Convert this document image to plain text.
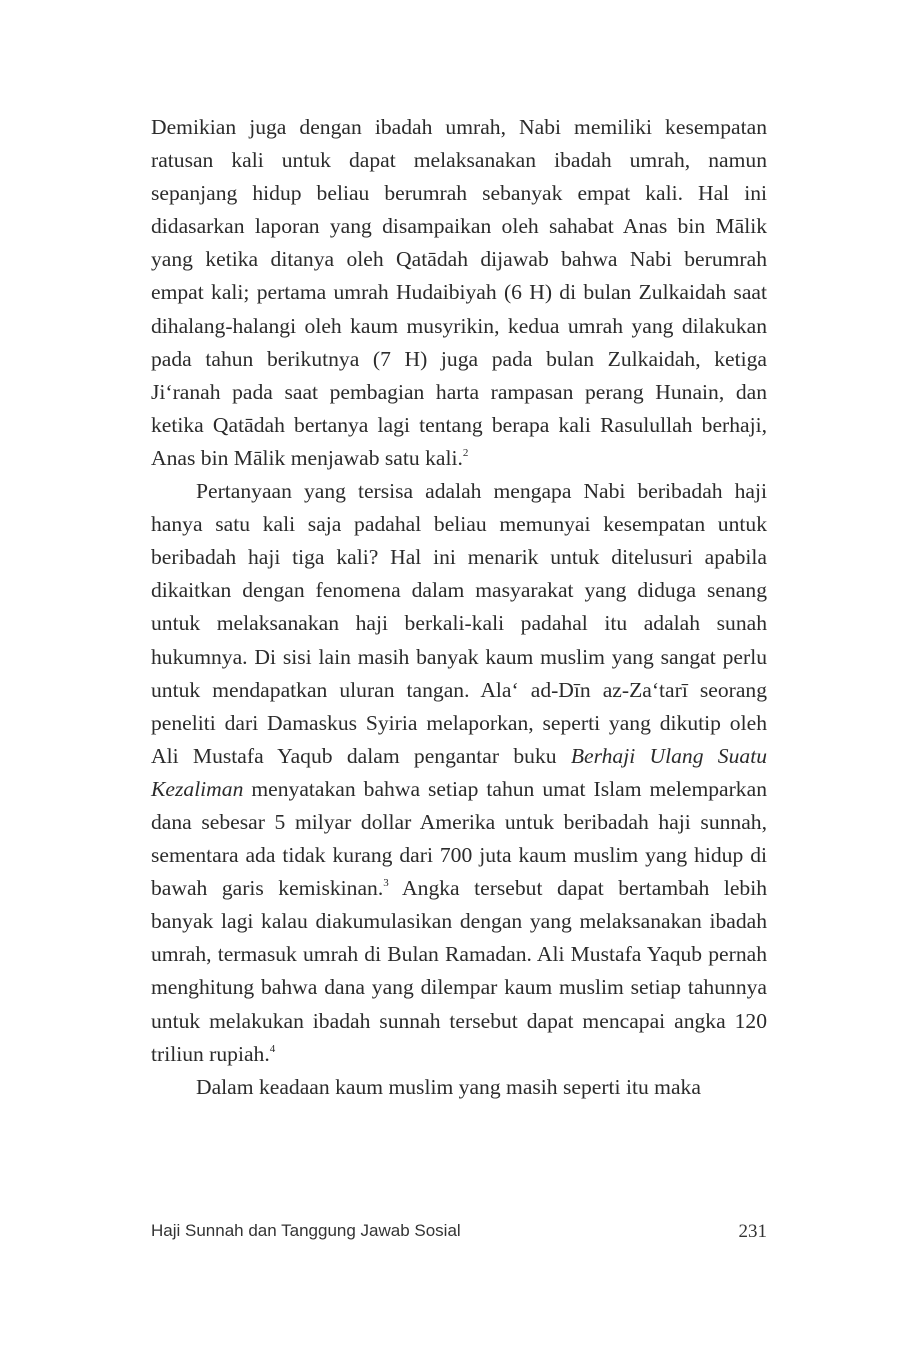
Demikian juga dengan ibadah umrah, Nabi memiliki kesempatan ratusan kali untuk dapat melaksanakan ibadah umrah, namun sepanjang hidup beliau berumrah sebanyak empat kali. Hal ini didasarkan laporan yang disampaikan oleh sahabat Anas bin Mālik yang ketika ditanya oleh Qatādah dijawab bahwa Nabi berumrah empat kali; pertama umrah Hudaibiyah (6 H) di bulan Zulkaidah saat dihalang-halangi oleh kaum musyrikin, kedua umrah yang dilakukan pada tahun berikutnya (7 H) juga pada bulan Zulkaidah, ketiga Ji‘ranah pada saat pembagian harta rampasan perang Hunain, dan ketika Qatādah bertanya lagi tentang berapa kali Rasulullah berhaji, Anas bin Mālik menjawab satu kali.$^2$

Pertanyaan yang tersisa adalah mengapa Nabi beribadah haji hanya satu kali saja padahal beliau memunyai kesempatan untuk beribadah haji tiga kali? Hal ini menarik untuk ditelusuri apabila dikaitkan dengan fenomena dalam masyarakat yang diduga senang untuk melaksanakan haji berkali-kali padahal itu adalah sunah hukumnya. Di sisi lain masih banyak kaum muslim yang sangat perlu untuk mendapatkan uluran tangan. Ala‘ ad-Dīn az-Za‘tarī seorang peneliti dari Damaskus Syiria melaporkan, seperti yang dikutip oleh Ali Mustafa Yaqub dalam pengantar buku Berhaji Ulang Suatu Kezaliman menyatakan bahwa setiap tahun umat Islam melemparkan dana sebesar 5 milyar dollar Amerika untuk beribadah haji sunnah, sementara ada tidak kurang dari 700 juta kaum muslim yang hidup di bawah garis kemiskinan.$^3$ Angka tersebut dapat bertambah lebih banyak lagi kalau diakumulasikan dengan yang melaksanakan ibadah umrah, termasuk umrah di Bulan Ramadan. Ali Mustafa Yaqub pernah menghitung bahwa dana yang dilempar kaum muslim setiap tahunnya untuk melakukan ibadah sunnah tersebut dapat mencapai angka 120 triliun rupiah.$^4$

Dalam keadaan kaum muslim yang masih seperti itu maka

Haji Sunnah dan Tanggung Jawab Sosial	231
